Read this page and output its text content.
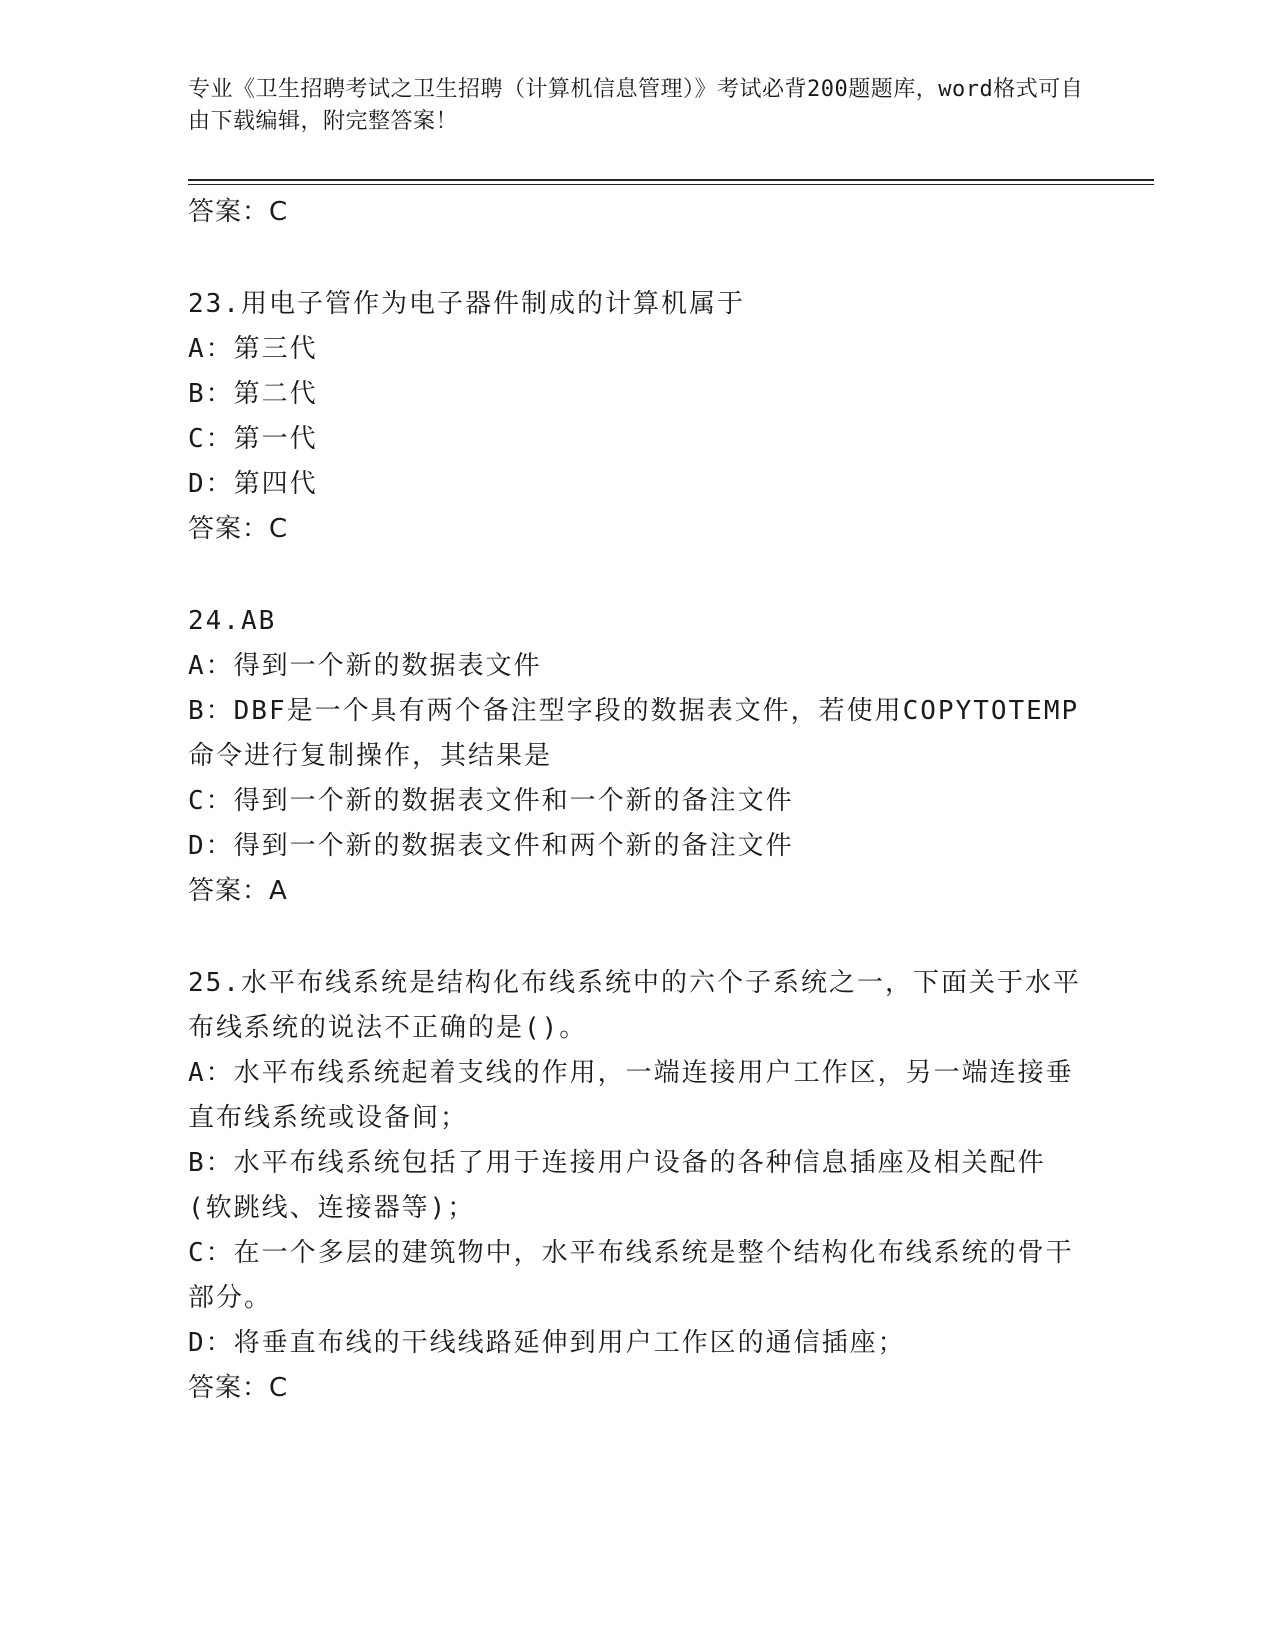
专业《卫生招聘考试之卫生招聘（计算机信息管理）》考试必背200题题库，word格式可自由下载编辑，附完整答案！

答案：C

23.用电子管作为电子器件制成的计算机属于

A：第三代

B：第二代

C：第一代

D：第四代

答案：C

24.AB

A：得到一个新的数据表文件

B：DBF是一个具有两个备注型字段的数据表文件，若使用COPYTOTEMP命令进行复制操作，其结果是

C：得到一个新的数据表文件和一个新的备注文件

D：得到一个新的数据表文件和两个新的备注文件

答案：A

25.水平布线系统是结构化布线系统中的六个子系统之一，下面关于水平布线系统的说法不正确的是()。

A：水平布线系统起着支线的作用，一端连接用户工作区，另一端连接垂直布线系统或设备间；

B：水平布线系统包括了用于连接用户设备的各种信息插座及相关配件(软跳线、连接器等)；

C：在一个多层的建筑物中，水平布线系统是整个结构化布线系统的骨干部分。

D：将垂直布线的干线线路延伸到用户工作区的通信插座；

答案：C
